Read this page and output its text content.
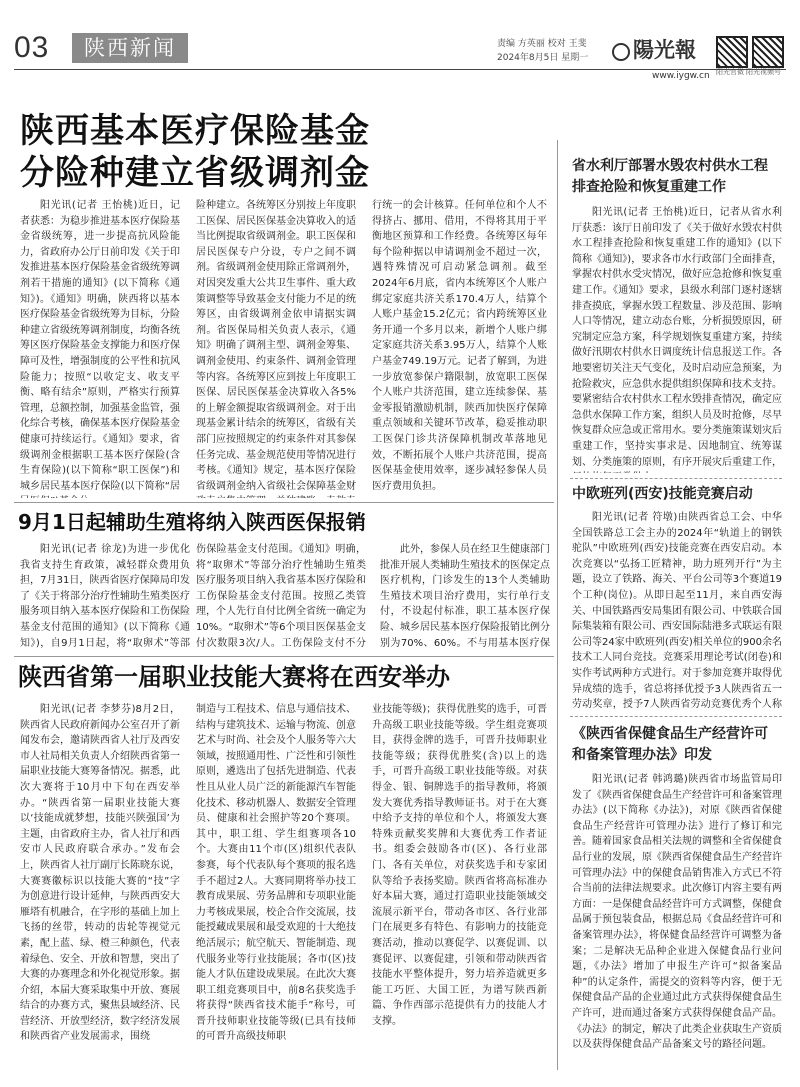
03	陕西新闻	责编 方英丽 校对 王斐
2024年8月5日 星期一	陽光報
www.iygw.cn 阳光官微 阳光视频号
陕西基本医疗保险基金
分险种建立省级调剂金

阳光讯(记者 王怡桃)近日，记者获悉：为稳步推进基本医疗保险基金省级统筹，进一步提高抗风险能力，省政府办公厅日前印发《关于印发推进基本医疗保险基金省级统筹调剂若干措施的通知》(以下简称《通知》)。《通知》明确，陕西将以基本医疗保险基金省级统筹为目标，分险种建立省级统筹调剂制度，均衡各统筹区医疗保险基金支撑能力和医疗保障可及性，增强制度的公平性和抗风险能力；按照“以收定支、收支平衡、略有结余”原则，严格实行预算管理，总额控制，加强基金监管，强化综合考核，确保基本医疗保险基金健康可持续运行。《通知》要求，省级调剂金根据职工基本医疗保险(含生育保险)(以下简称“职工医保”)和城乡居民基本医疗保险(以下简称“居

险种建立。各统筹区分别按上年度职工医保、居民医保基金决算收入的适当比例提取省级调剂金。职工医保和居民医保专户分设，专户之间不调剂。省级调剂金使用除正常调剂外，对因突发重大公共卫生事件、重大政策调整等导致基金支付能力不足的统筹区，由省级调剂金依申请据实调剂。省医保局相关负责人表示，《通知》明确了调剂主型、调剂金筹集、调剂金使用、约束条件、调剂金管理等内容。各统筹区应到按上年度职工医保、居民医保基金决算收入各5%的上解金额提取省级调剂金。对于出现基金累计结余的统筹区，省级有关部门应按照规定的约束条件对其参保任务完成、基金规范使用等情况进行考核。《通知》规定，基本医疗保险省级调剂金纳入省级社会保障基金财

行统一的会计核算。任何单位和个人不得挤占、挪用、借用，不得将其用于平衡地区预算和工作经费。各统筹区每年每个险种据以申请调剂金不超过一次，遇特殊情况可启动紧急调剂。截至2024年6月底，省内本统筹区个人账户绑定家庭共济关系170.4万人，结算个人账户基金15.2亿元；省内跨统筹区业务开通一个多月以来，新增个人账户绑定家庭共济关系3.95万人，结算个人账户基金749.19万元。记者了解到，为进一步放宽参保户籍限制，放宽职工医保个人账户共济范围，建立连续参保、基金零报销激励机制，陕西加快医疗保障重点领域和关键环节改革，稳妥推动职工医保门诊共济保障机制改革落地见效，不断拓展个人账户共济范围，提高医保基金使用效率，逐步减轻参保人员医疗费用负担。

9月1日起辅助生殖将纳入陕西医保报销

阳光讯(记者 徐龙)为进一步优化我省支持生育政策，减轻群众费用负担，7月31日，陕西省医疗保障局印发了《关于将部分治疗性辅助生殖类医疗服务项目纳入基本医疗保险和工伤保险基金支付范围的通知》(以下简称《通知》)，自9月1日起，将“取卵术”等部

伤保险基金支付范围。《通知》明确，将“取卵术”等部分治疗性辅助生殖类医疗服务项目纳入我省基本医疗保险和工伤保险基金支付范围。按照乙类管理，个人先行自付比例全省统一确定为10%。“取卵术”等6个项目医保基金支付次数限3次/人。工伤保险支付不分

此外，参保人员在经卫生健康部门批准开展人类辅助生殖技术的医保定点医疗机构，门诊发生的13个人类辅助生殖技术项目治疗费用，实行单行支付，不设起付标准，职工基本医疗保险、城乡居民基本医疗保险报销比例分别为70%、60%。不与用基本医疗保

陕西省第一届职业技能大赛将在西安举办

阳光讯(记者 李梦芬)8月2日，陕西省人民政府新闻办公室召开了新闻发布会，邀请陕西省人社厅及西安市人社局相关负责人介绍陕西省第一届职业技能大赛筹备情况。据悉，此次大赛将于10月中下旬在西安举办。“陕西省第一届职业技能大赛以‘技能成就梦想，技能兴陕强国’为主题，由省政府主办，省人社厅和西安市人民政府联合承办。”发布会上，陕西省人社厅副厅长陈晓东说，大赛赛徽标识以技能大赛的“技”字为创意进行设计延伸，与陕西西安大雁塔有机融合，在字形的基础上加上飞扬的丝带，转动的齿轮等视觉元素，配上蓝、绿、橙三种颜色，代表着绿色、安全、开放和智慧，突出了大赛的办赛理念和外化视觉形象。据介绍，本届大赛采取集中开放、赛展结合的办赛方式，聚焦县域经济、民营经济、开放型经济，数字经济发展和陕西省产业发展需求，围绕

制造与工程技术、信息与通信技术、结构与建筑技术、运输与物流、创意艺术与时尚、社会及个人服务等六大领域，按照通用性、广泛性和引领性原则，遴选出了包括先进制造、代表性且从业人员广泛的新能源汽车智能化技术、移动机器人、数据安全管理员、健康和社会照护等20个赛项。其中，职工组、学生组赛项各10个。大赛由11个市(区)组织代表队参赛，每个代表队每个赛项的报名选手不超过2人。大赛同期将举办技工教育成果展、劳务品牌和专项职业能力考核成果展，校企合作交流展，技能授藏成果展和最受欢迎的十大绝技绝活展示；航空航天、智能制造、现代服务业等行业技能展；各市(区)技能人才队伍建设成果展。在此次大赛职工组竞赛项目中，前8名获奖选手将获得“陕西省技术能手”称号，可晋升技师职业技能等级(已具有技师的可晋升高级技师职

业技能等级)；获得优胜奖的选手，可晋升高级工职业技能等级。学生组竞赛项目，获得金牌的选手，可晋升技师职业技能等级；获得优胜奖(含)以上的选手，可晋升高级工职业技能等级。对获得金、银、铜牌选手的指导教师，将颁发大赛优秀指导教师证书。对于在大赛中给予支持的单位和个人，将颁发大赛特殊贡献奖奖牌和大赛优秀工作者证书。组委会鼓励各市(区)、各行业部门、各有关单位，对获奖选手和专家团队等给予表扬奖励。陕西省将高标准办好本届大赛，通过打造职业技能领域交流展示新平台，带动各市区、各行业部门在展更多有特色、有影响力的技能竞赛活动，推动以赛促学、以赛促训、以赛促评、以赛促建，引领和带动陕西省技能水平整体提升，努力培养造就更多能工巧匠、大国工匠，为谱写陕西新篇、争作西部示范提供有力的技能人才支撑。

省水利厅部署水毁农村供水工程
排查抢险和恢复重建工作

阳光讯(记者 王怡桃)近日，记者从省水利厅获悉：该厅日前印发了《关于做好水毁农村供水工程排查抢险和恢复重建工作的通知》(以下简称《通知》)，要求各市水行政部门全面排查，掌握农村供水受灾情况，做好应急抢修和恢复重建工作。《通知》要求，县级水利部门逐村逐辖排查摸底，掌握水毁工程数量、涉及范围、影响人口等情况，建立动态台账，分析损毁原因，研究制定应急方案，科学规划恢复重建方案，持续做好汛期农村供水日调度统计信息报送工作。各地要密切关注天气变化，及时启动应急预案，为抢险救灾，应急供水提供组织保障和技术支持。要紧密结合农村供水工程水毁排查情况，确定应急供水保障工作方案，组织人员及时抢修，尽早恢复群众应急或正常用水。要分类施策谋划灾后重建工作，坚持实事求是、因地制宜、统筹谋划、分类施策的原则，有序开展灾后重建工作，

中欧班列(西安)技能竞赛启动

阳光讯(记者 符墩)由陕西省总工会、中华全国铁路总工会主办的2024年“轨道上的钢铁驼队”中欧班列(西安)技能竞赛在西安启动。本次竞赛以“弘扬工匠精神，助力班列开行”为主题，设立了铁路、海关、平台公司等3个赛道19个工种(岗位)。从即日起至11月，来自西安海关、中国铁路西安局集团有限公司、中铁联合国际集装箱有限公司、西安国际陆港多式联运有限公司等24家中欧班列(西安)相关单位的900余名技术工人同台竞技。竞赛采用理论考试(闭卷)和实作考试两种方式进行。对于参加竞赛并取得优异成绩的选手，省总将择优授予3人陕西省五一劳动奖章，授予7人陕西省劳动竞赛优秀个人称

《陕西省保健食品生产经营许可
和备案管理办法》印发

阳光讯(记者 韩鸿璐)陕西省市场监管局印发了《陕西省保健食品生产经营许可和备案管理办法》(以下简称《办法》)，对原《陕西省保健食品生产经营许可管理办法》进行了修订和完善。随着国家食品相关法规的调整和全省保健食品行业的发展，原《陕西省保健食品生产经营许可管理办法》中的保健食品销售准入方式已不符合当前的法律法规要求。此次修订内容主要有两方面：一是保健食品经营许可方式调整，保健食品属于预包装食品，根据总局《食品经营许可和备案管理办法》，将保健食品经营许可调整为备案；二是解决无品种企业进入保健食品行业问题，《办法》增加了申报生产许可“拟备案品种”的认定条件，需提交的资料等内容，便于无保健食品产品的企业通过此方式获得保健食品生产许可，进而通过备案方式获得保健食品产品。《办法》的制定，解决了此类企业获取生产资质以及获得保健食品产品备案文号的路径问题。
